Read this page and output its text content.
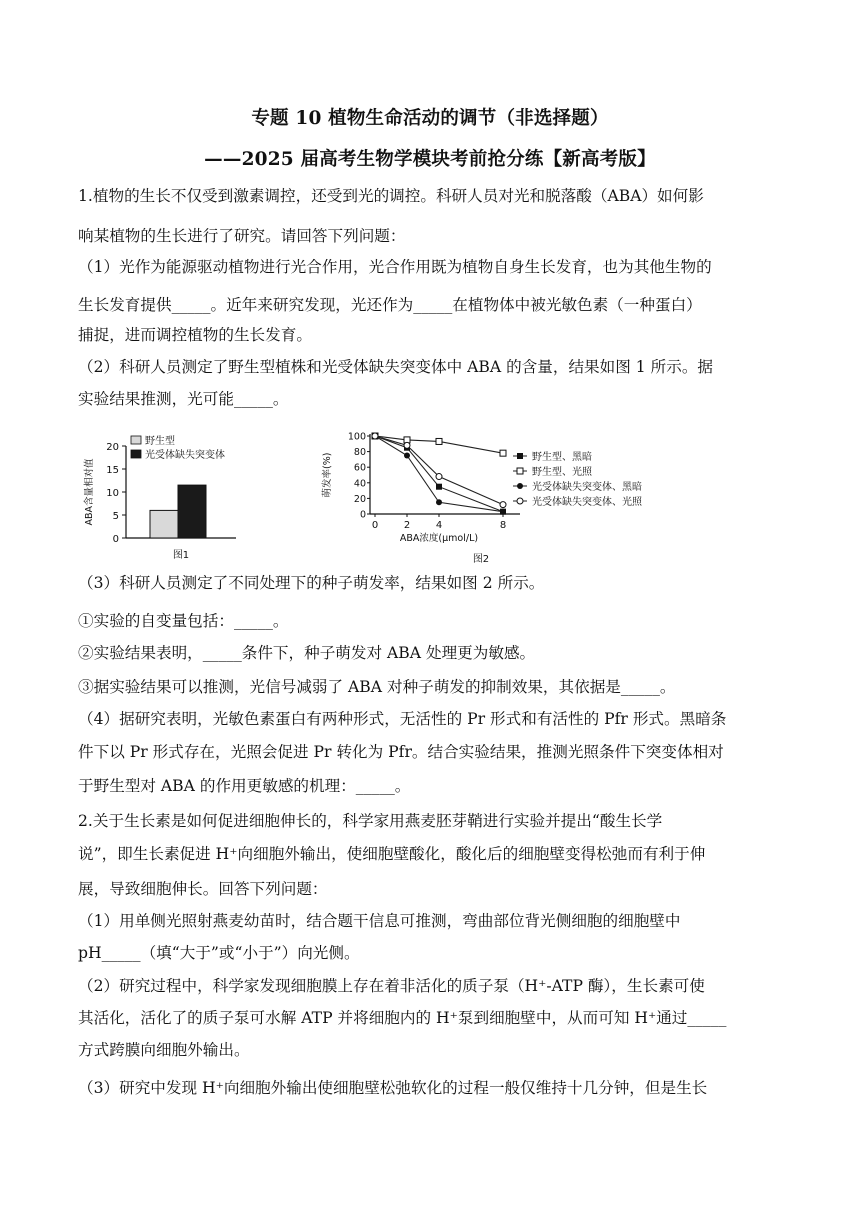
专题 10 植物生命活动的调节（非选择题）
——2025 届高考生物学模块考前抢分练【新高考版】
0
5
10
15
20
ABA含量相对值
野生型
光受体缺失突变体
图1
0
20
40
60
80
100
0	2	4	8
萌发率(%)
ABA浓度(μmol/L)
图2
野生型、黑暗
野生型、光照
光受体缺失突变体、黑暗
光受体缺失突变体、光照
1.植物的生长不仅受到激素调控，还受到光的调控。科研人员对光和脱落酸（ABA）如何影
响某植物的生长进行了研究。请回答下列问题：
（1）光作为能源驱动植物进行光合作用，光合作用既为植物自身生长发育，也为其他生物的
生长发育提供_____。近年来研究发现，光还作为_____在植物体中被光敏色素（一种蛋白）
捕捉，进而调控植物的生长发育。
（2）科研人员测定了野生型植株和光受体缺失突变体中 ABA 的含量，结果如图 1 所示。据
实验结果推测，光可能_____。
（3）科研人员测定了不同处理下的种子萌发率，结果如图 2 所示。
①实验的自变量包括：_____。
②实验结果表明，_____条件下，种子萌发对 ABA 处理更为敏感。
③据实验结果可以推测，光信号减弱了 ABA 对种子萌发的抑制效果，其依据是_____。
（4）据研究表明，光敏色素蛋白有两种形式，无活性的 Pr 形式和有活性的 Pfr 形式。黑暗条
件下以 Pr 形式存在，光照会促进 Pr 转化为 Pfr。结合实验结果，推测光照条件下突变体相对
于野生型对 ABA 的作用更敏感的机理：_____。
2.关于生长素是如何促进细胞伸长的，科学家用燕麦胚芽鞘进行实验并提出“酸生长学
说”，即生长素促进 H⁺向细胞外输出，使细胞壁酸化，酸化后的细胞壁变得松弛而有利于伸
展，导致细胞伸长。回答下列问题：
（1）用单侧光照射燕麦幼苗时，结合题干信息可推测，弯曲部位背光侧细胞的细胞壁中
pH_____（填“大于”或“小于”）向光侧。
（2）研究过程中，科学家发现细胞膜上存在着非活化的质子泵（H⁺-ATP 酶），生长素可使
其活化，活化了的质子泵可水解 ATP 并将细胞内的 H⁺泵到细胞壁中，从而可知 H⁺通过_____
方式跨膜向细胞外输出。
（3）研究中发现 H⁺向细胞外输出使细胞壁松弛软化的过程一般仅维持十几分钟，但是生长
